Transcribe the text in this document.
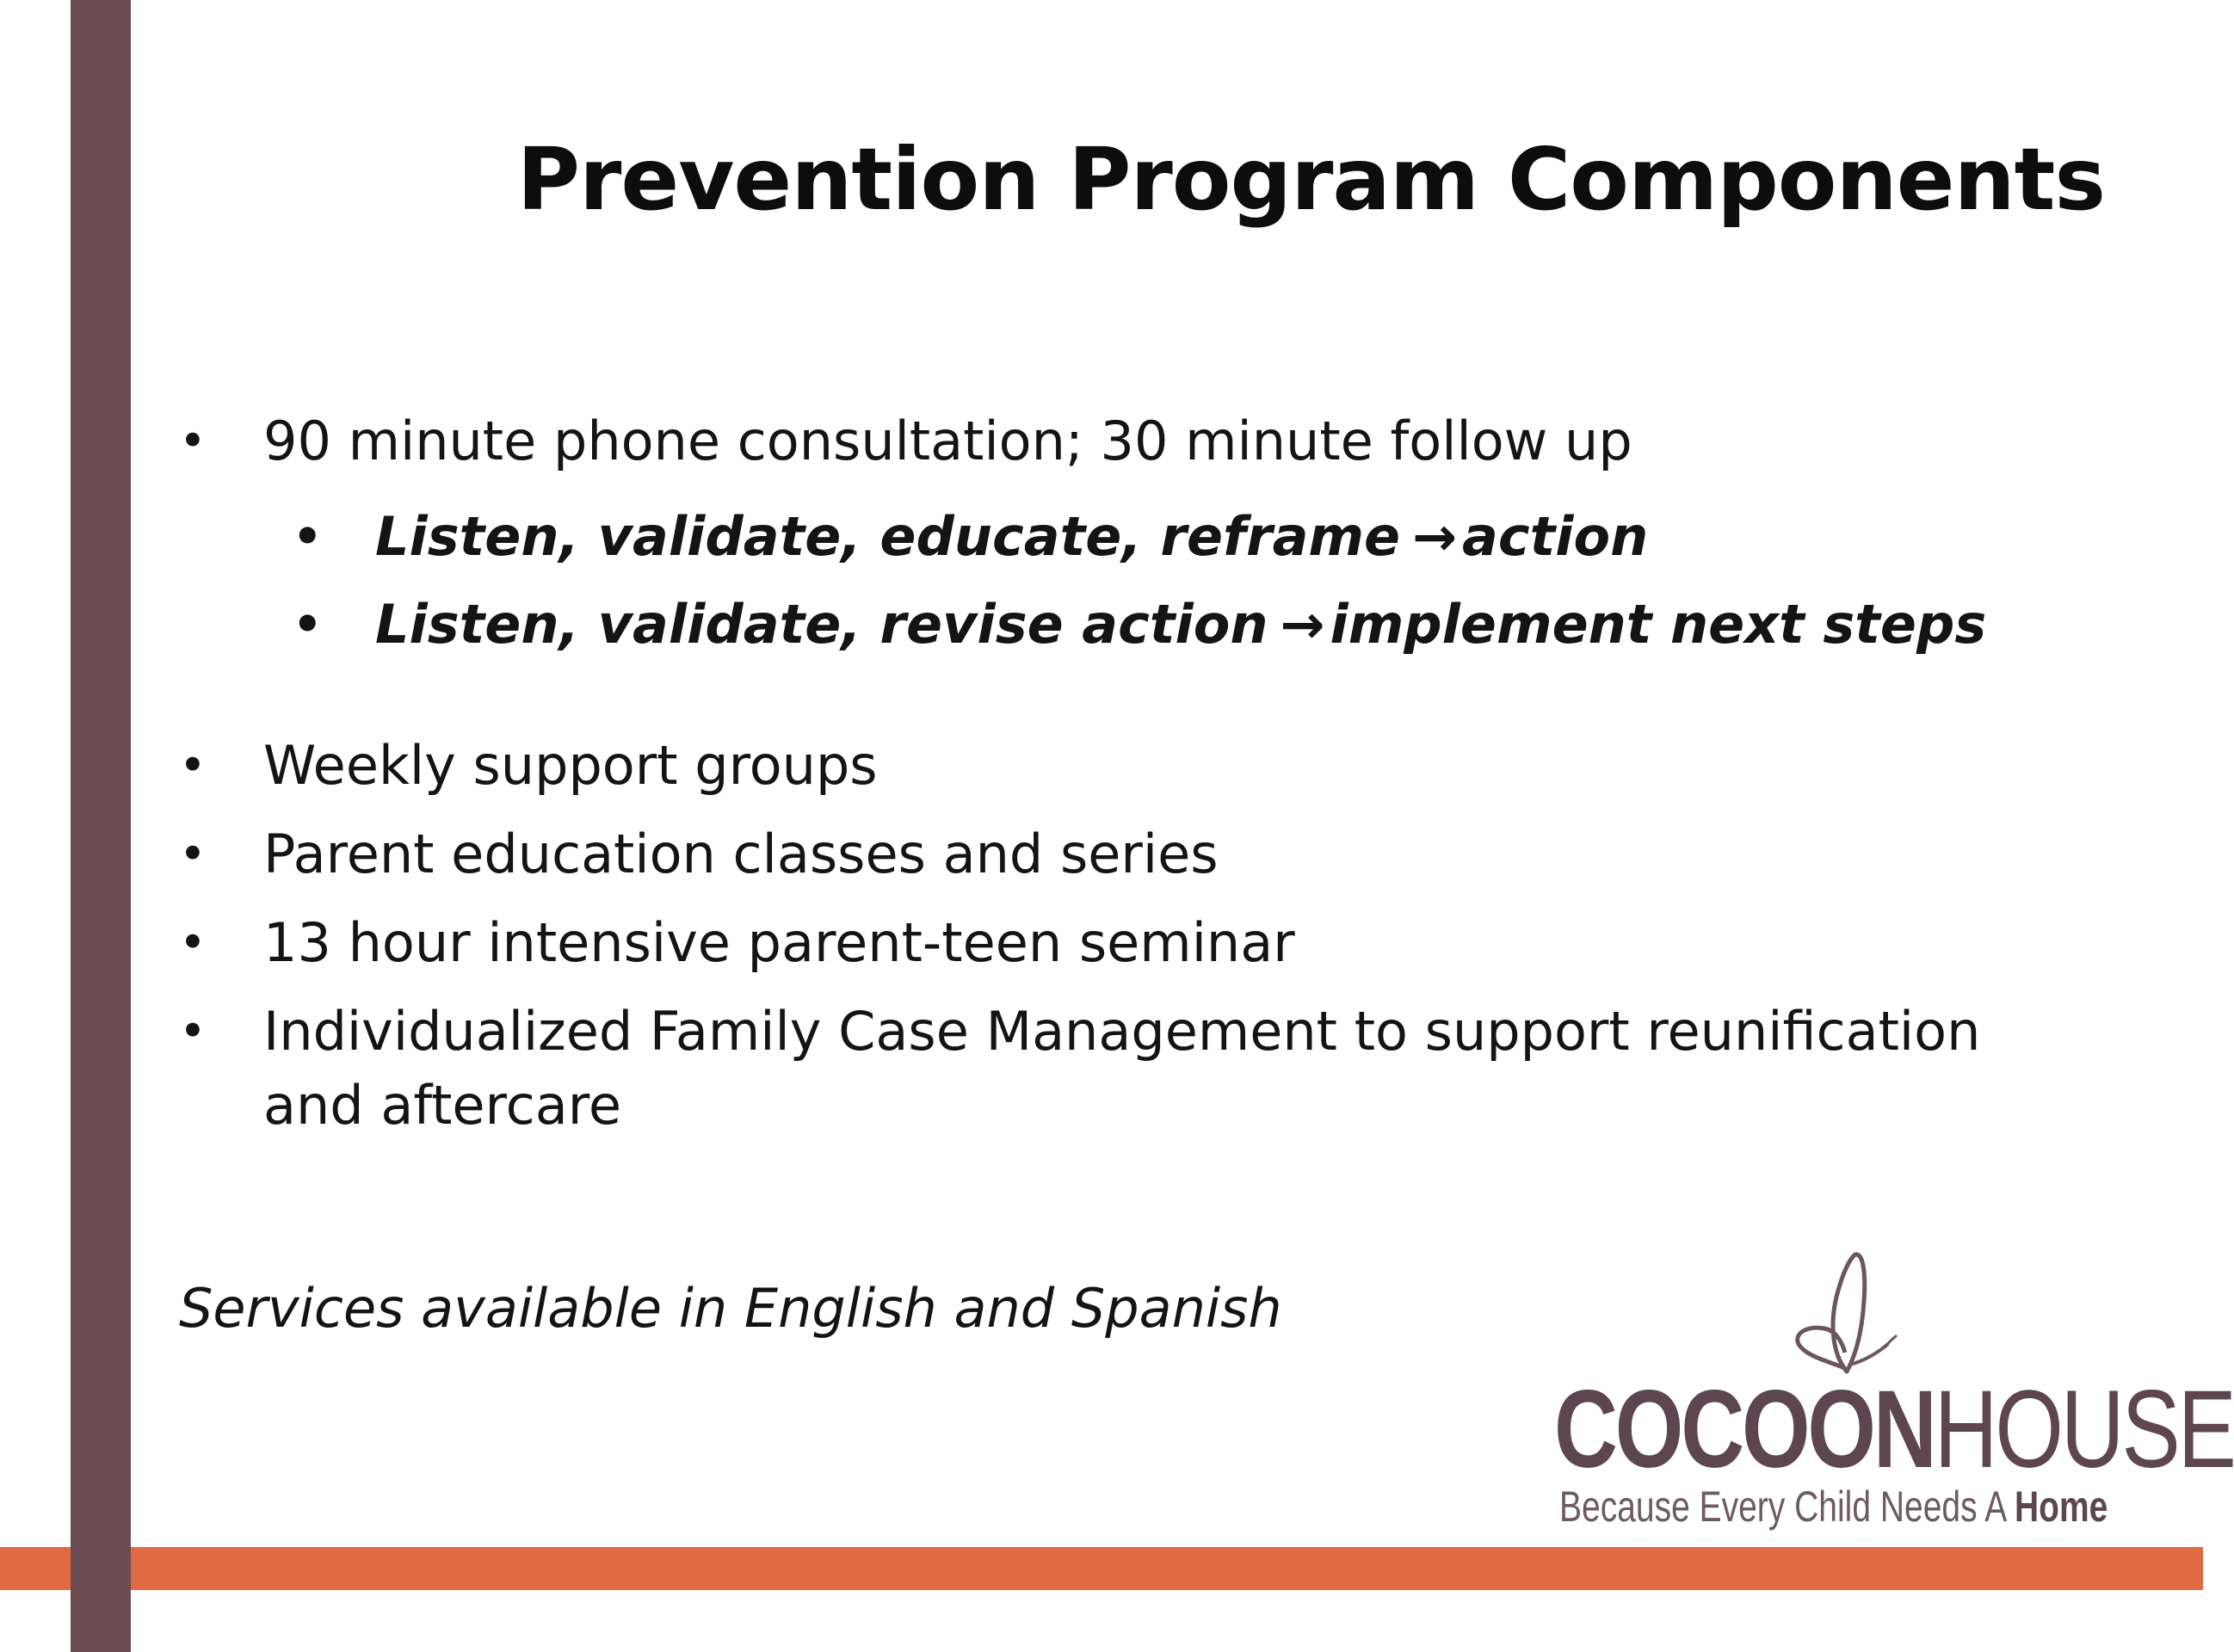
Prevention Program Components
• 90 minute phone consultation; 30 minute follow up
• Listen, validate, educate, reframe →action
• Listen, validate, revise action →implement next steps
• Weekly support groups
• Parent education classes and series
• 13 hour intensive parent-teen seminar
• Individualized Family Case Management to support reunification and aftercare
Services available in English and Spanish
COCOONHOUSE
Because Every Child Needs A Home
